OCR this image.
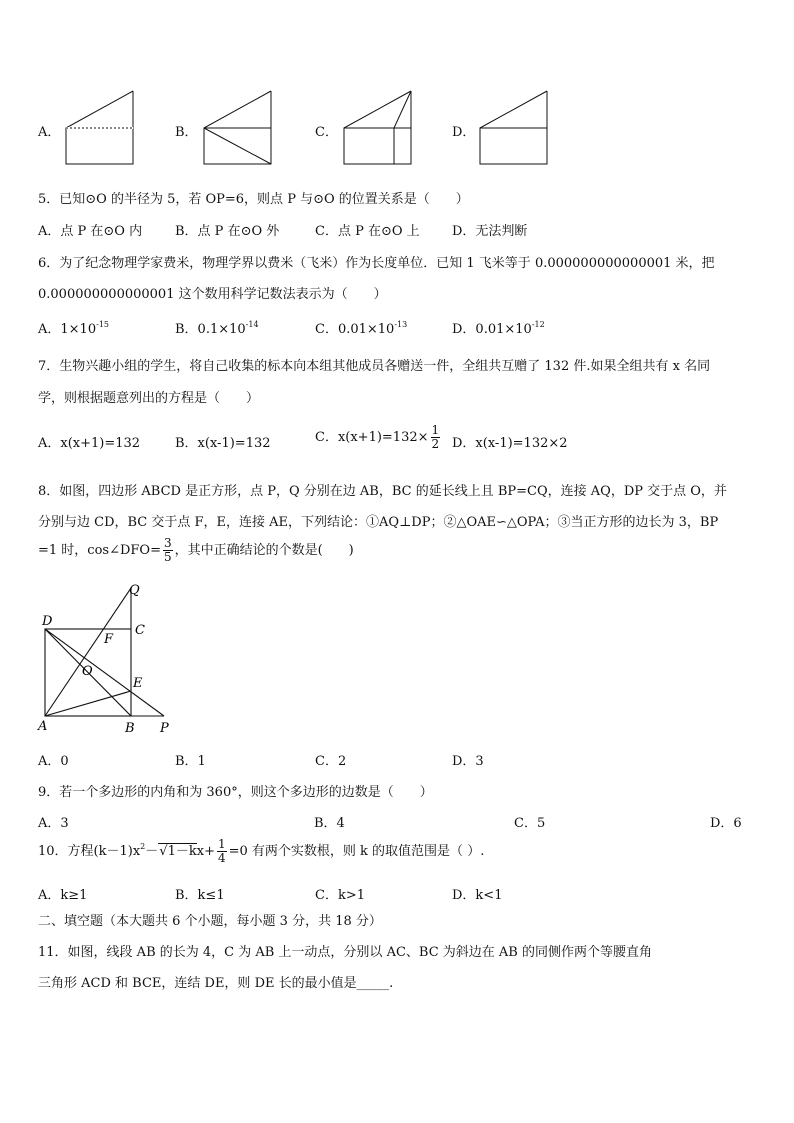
A．	B．	C．	D．
5．已知⊙O 的半径为 5，若 OP=6，则点 P 与⊙O 的位置关系是（　　）
A．点 P 在⊙O 内	B．点 P 在⊙O 外	C．点 P 在⊙O 上 D．无法判断
6．为了纪念物理学家费米，物理学界以费米（飞米）作为长度单位．已知 1 飞米等于 0.000000000000001 米，把
0.000000000000001 这个数用科学记数法表示为（　　）
A．$1\times 10^{-15}$	B．$0.1\times 10^{-14}$	C．$0.01\times 10^{-13}$	D．$0.01\times 10^{-12}$
7．生物兴趣小组的学生，将自己收集的标本向本组其他成员各赠送一件，全组共互赠了 132 件.如果全组共有 x 名同
学，则根据题意列出的方程是（　　）
A．x(x+1)=132	B．x(x-1)=132	C．$x(x+1)=132\times \frac{1}{2}$ D．x(x-1)=132×2
8．如图，四边形 ABCD 是正方形，点 P，Q 分别在边 AB，BC 的延长线上且 BP=CQ，连接 AQ，DP 交于点 O，并
分别与边 CD，BC 交于点 F，E，连接 AE，下列结论：①AQ⊥DP；②△OAE∽△OPA；③当正方形的边长为 3，BP
=1 时，cos∠DFO= $\frac{3}{5}$ ，其中正确结论的个数是(　　)
D
C
Q
F
O
E
A	B P
A．0	B．1	C．2	D．3
9．若一个多边形的内角和为 360°，则这个多边形的边数是（　　）
A．3	B．4	C．5	D．6
10．方程$(k-1)x^2-√1-kx+ \frac{1}{4} =0$ 有两个实数根，则 k 的取值范围是（ ）.
A．k≥1	B．k≤1	C．k>1	D．k<1
二、填空题（本大题共 6 个小题，每小题 3 分，共 18 分）
11．如图，线段 AB 的长为 4，C 为 AB 上一动点，分别以 AC、BC 为斜边在 AB 的同侧作两个等腰直角
三角形 ACD 和 BCE，连结 DE，则 DE 长的最小值是_____.
